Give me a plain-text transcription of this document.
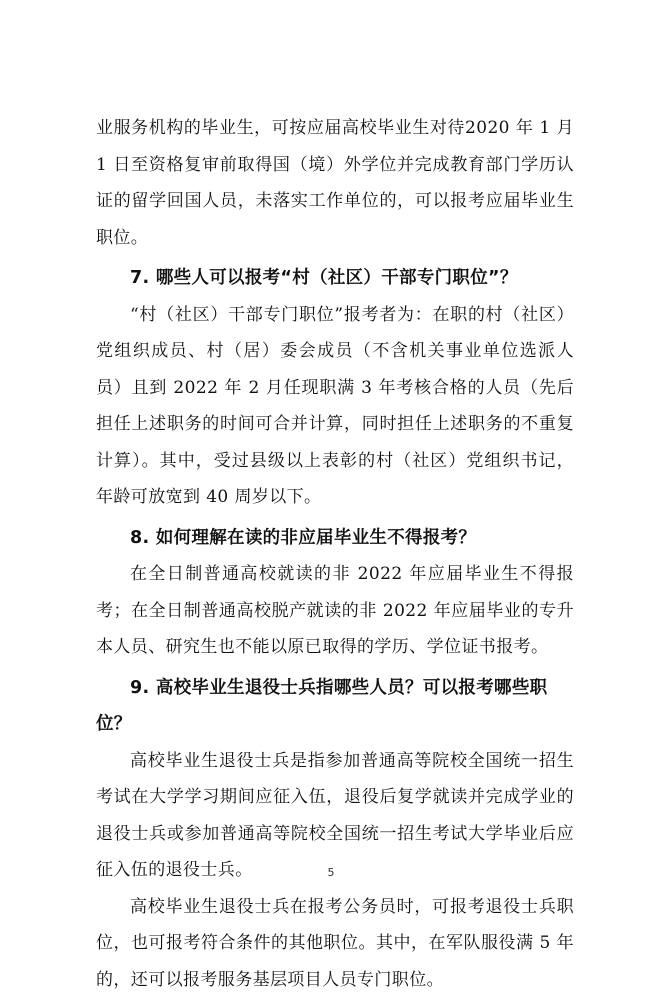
业服务机构的毕业生，可按应届高校毕业生对待2020 年 1 月 1 日至资格复审前取得国（境）外学位并完成教育部门学历认证的留学回国人员，未落实工作单位的，可以报考应届毕业生职位。

7. 哪些人可以报考“村（社区）干部专门职位”？

“村（社区）干部专门职位”报考者为：在职的村（社区）党组织成员、村（居）委会成员（不含机关事业单位选派人员）且到 2022 年 2 月任现职满 3 年考核合格的人员（先后担任上述职务的时间可合并计算，同时担任上述职务的不重复计算）。其中，受过县级以上表彰的村（社区）党组织书记，年龄可放宽到 40 周岁以下。

8. 如何理解在读的非应届毕业生不得报考？

在全日制普通高校就读的非 2022 年应届毕业生不得报考；在全日制普通高校脱产就读的非 2022 年应届毕业的专升本人员、研究生也不能以原已取得的学历、学位证书报考。

9. 高校毕业生退役士兵指哪些人员？可以报考哪些职位？

高校毕业生退役士兵是指参加普通高等院校全国统一招生考试在大学学习期间应征入伍，退役后复学就读并完成学业的退役士兵或参加普通高等院校全国统一招生考试大学毕业后应征入伍的退役士兵。

高校毕业生退役士兵在报考公务员时，可报考退役士兵职位，也可报考符合条件的其他职位。其中，在军队服役满 5 年的，还可以报考服务基层项目人员专门职位。

5
